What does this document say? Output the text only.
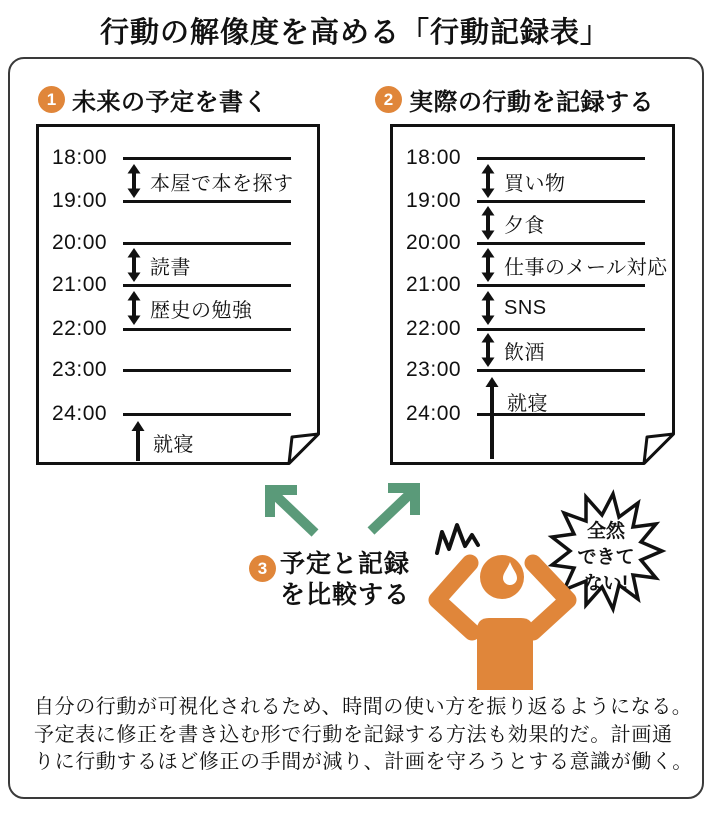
行動の解像度を高める「行動記録表」
1 未来の予定を書く	2 実際の行動を記録する
18:00
19:00
20:00
21:00
22:00
23:00
24:00
本屋で本を探す
読書
歴史の勉強
就寝
18:00
19:00
20:00
21:00
22:00
23:00
24:00
買い物
夕食
仕事のメール対応
SNS
飲酒
就寝
3 予定と記録
を比較する
全然
できて
ない!
自分の行動が可視化されるため、時間の使い方を振り返るようになる。
予定表に修正を書き込む形で行動を記録する方法も効果的だ。計画通
りに行動するほど修正の手間が減り、計画を守ろうとする意識が働く。
